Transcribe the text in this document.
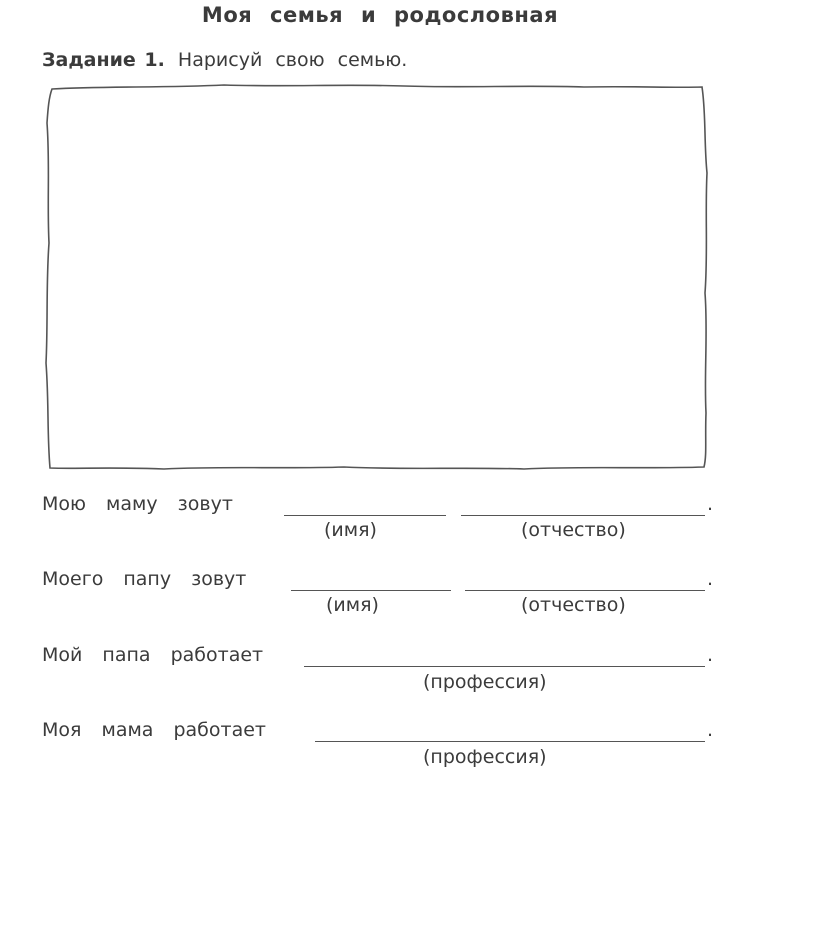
Моя семья и родословная
Задание 1. Нарисуй свою семью.
Мою маму зовут	.
(имя)	(отчество)
Моего папу зовут	.
(имя)	(отчество)
Мой папа работает	.
(профессия)
Моя мама работает	.
(профессия)
